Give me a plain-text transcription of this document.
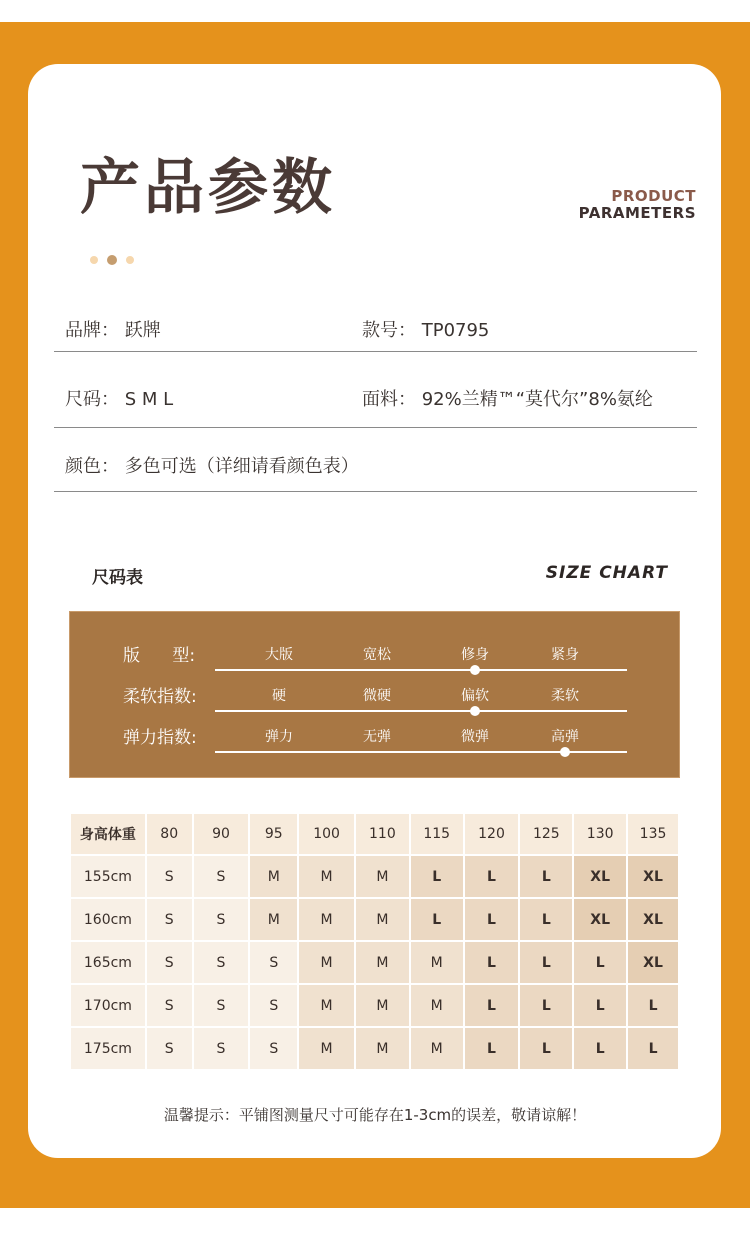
产品参数	PRODUCT
PARAMETERS
品牌： 跃牌	款号： TP0795
尺码： S M L	面料： 92%兰精™“莫代尔”8%氨纶
颜色： 多色可选（详细请看颜色表）
尺码表	SIZE CHART
版      型:	大版	宽松	修身	紧身
柔软指数:	硬	微硬	偏软	柔软
弹力指数:	弹力	无弹	微弹	高弹
身高体重	80	90	95	100	110	115	120	125	130	135
155cm	S	S	M	M	M	L	L	L	XL	XL
160cm	S	S	M	M	M	L	L	L	XL	XL
165cm	S	S	S	M	M	M	L	L	L	XL
170cm	S	S	S	M	M	M	L	L	L	L
175cm	S	S	S	M	M	M	L	L	L	L
温馨提示：平铺图测量尺寸可能存在1-3cm的误差，敬请谅解！
